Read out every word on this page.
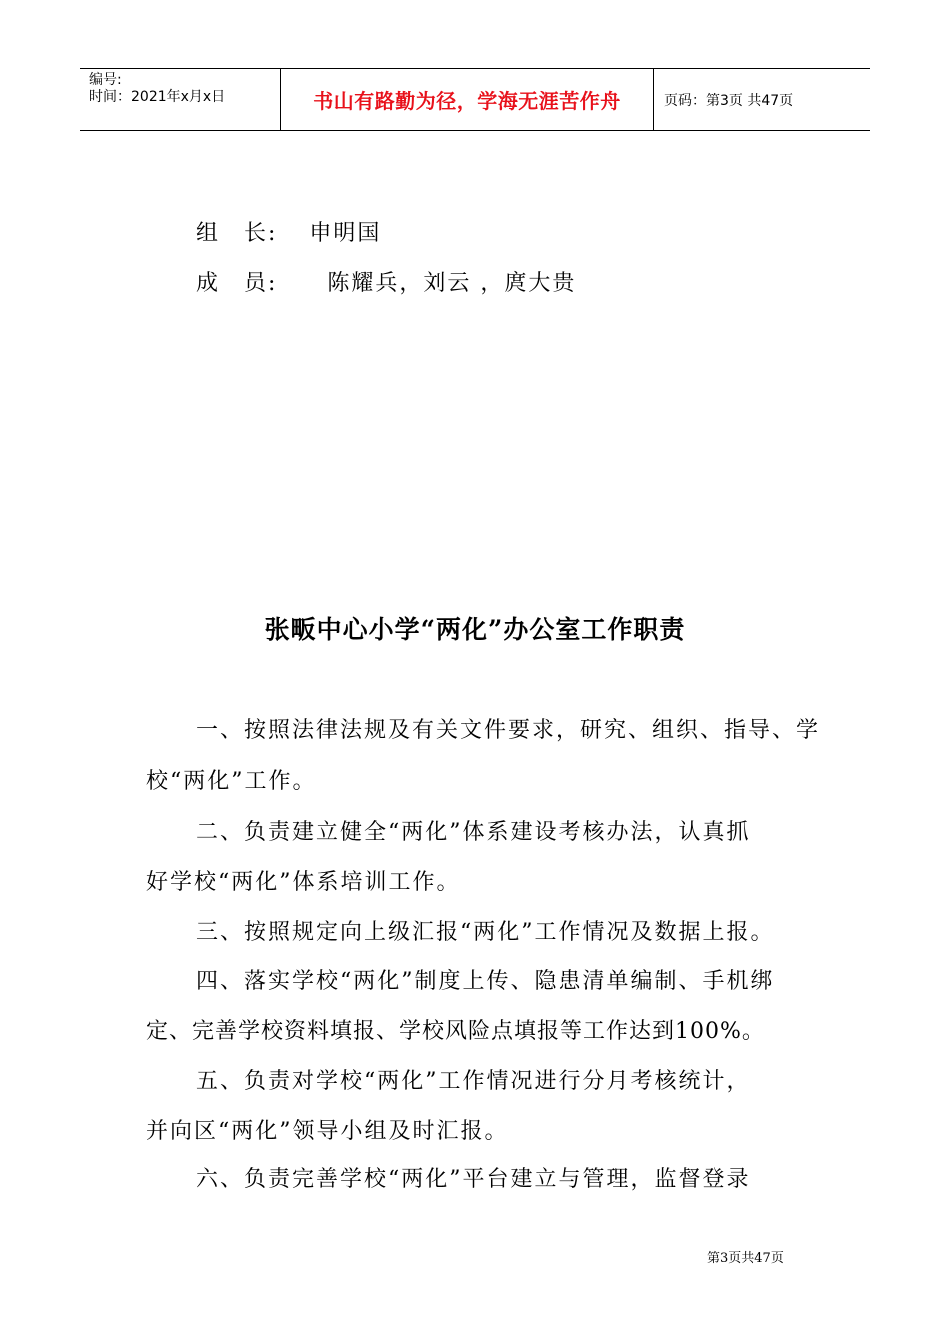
编号:
时间：2021年x月x日	书山有路勤为径，学海无涯苦作舟	页码：第3页 共47页
组　长: 申明国
成　员: 陈耀兵，刘云 ，庹大贵
张畈中心小学“两化”办公室工作职责
一、按照法律法规及有关文件要求，研究、组织、指导、学
校“两化”工作。
二、负责建立健全“两化”体系建设考核办法，认真抓
好学校“两化”体系培训工作。
三、按照规定向上级汇报“两化”工作情况及数据上报。
四、落实学校“两化”制度上传、隐患清单编制、手机绑
定、完善学校资料填报、学校风险点填报等工作达到100%。
五、负责对学校“两化”工作情况进行分月考核统计，
并向区“两化”领导小组及时汇报。
六、负责完善学校“两化”平台建立与管理，监督登录
第3页共47页
